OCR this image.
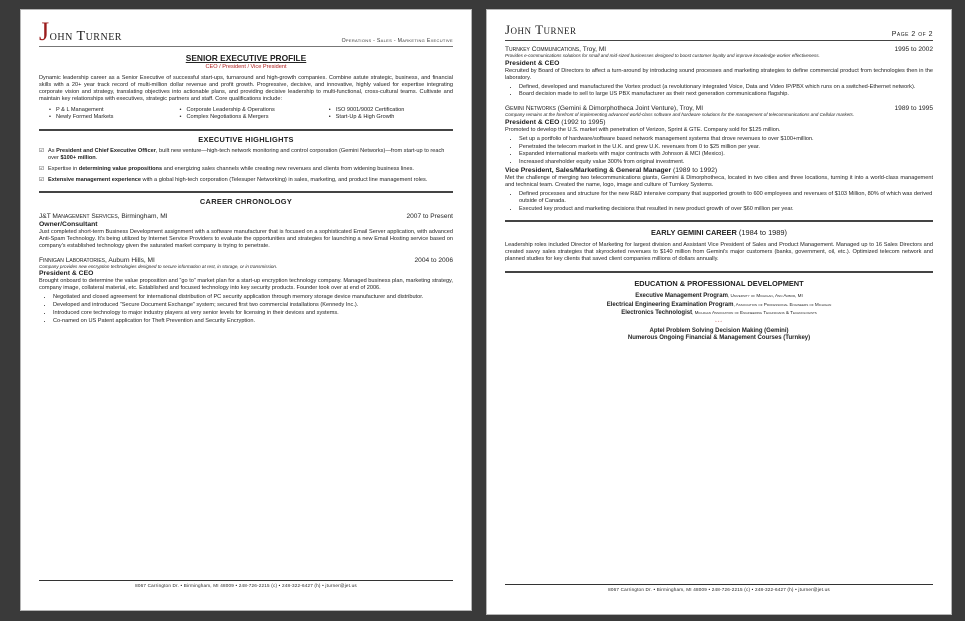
John Turner	Operations - Sales - Marketing Executive
SENIOR EXECUTIVE PROFILE
CEO / President / Vice President
Dynamic leadership career as a Senior Executive of successful start-ups, turnaround and high-growth companies. Combine astute strategic, business, and financial skills with a 20+ year track record of multi-million dollar revenue and profit growth. Progressive, decisive, and innovative, highly valued for expertise integrating corporate vision and strategy, translating objectives into actionable plans, and providing decisive leadership to multi-functional, cross-cultural teams. Cultivate and maintain key relationships with executives, strategic partners and staff. Core qualifications include:
• P & L Management	• Corporate Leadership & Operations	• ISO 9001/9002 Certification
• Newly Formed Markets	• Complex Negotiations & Mergers	• Start-Up & High Growth
EXECUTIVE HIGHLIGHTS
☑ As President and Chief Executive Officer, built new venture—high-tech network monitoring and control corporation (Gemini Networks)—from start-up to reach over $100+ million.
☑ Expertise in determining value propositions and energizing sales channels while creating new revenues and clients from widening business lines.
☑ Extensive management experience with a global high-tech corporation (Telesuper Networking) in sales, marketing, and product line management roles.
CAREER CHRONOLOGY
J&T Management Services, Birmingham, MI	2007 to Present
Owner/Consultant
Just completed short-term Business Development assignment with a software manufacturer that is focused on a sophisticated Email Server application, with advanced Anti-Spam Technology. It's being utilized by Internet Service Providers to evaluate the opportunities and strategies for launching a new Email Hosting service based on company's established technology given the saturated market company is trying to penetrate.
Finnigan Laboratories, Auburn Hills, MI	2004 to 2006
Company provides new encryption technologies designed to secure information at rest, in storage, or in transmission.
President & CEO
Brought onboard to determine the value proposition and “go to” market plan for a start-up encryption technology company. Managed business plan, marketing strategy, company image, collateral material, etc. Established and focused technology into key security products. Founder took over at end of 2006.
• Negotiated and closed agreement for international distribution of PC security application through memory storage device manufacturer and distributor.
• Developed and introduced “Secure Document Exchange” system; secured first two commercial installations (Kennedy Inc.).
• Introduced core technology to major industry players at very senior levels for licensing in their devices and systems.
• Co-named on US Patent application for Theft Prevention and Security Encryption.
8067 Carrington Dr. • Birmingham, MI 48009 • 248-726-2215 (c) • 248-322-6427 (h) • jturner@jet.us
John Turner	Page 2 of 2
Turnkey Communications, Troy, MI	1995 to 2002
Provides e-communications solutions for small and mid-sized businesses designed to boost customer loyalty and improve knowledge worker effectiveness.
President & CEO
Recruited by Board of Directors to affect a turn-around by introducing sound processes and marketing strategies to define commercial product from technologies then in the laboratory.
• Defined, developed and manufactured the Vortex product (a revolutionary integrated Voice, Data and Video IP/PBX which runs on a switched-Ethernet network).
• Board decision made to sell to large US PBX manufacturer as their next generation communications flagship.
Gemini Networks (Gemini & Dimorphotheca Joint Venture), Troy, MI	1989 to 1995
Company remains at the forefront of implementing advanced world-class software and hardware solutions for the management of telecommunications and Cellular markets.
President & CEO (1992 to 1995)
Promoted to develop the U.S. market with penetration of Verizon, Sprint & GTE. Company sold for $125 million.
• Set up a portfolio of hardware/software based network management systems that drove revenues to over $100+million.
• Penetrated the telecom market in the U.K. and grew U.K. revenues from 0 to $25 million per year.
• Expanded international markets with major contracts with Johnson & MCI (Mexico).
• Increased shareholder equity value 300% from original investment.
Vice President, Sales/Marketing & General Manager (1989 to 1992)
Met the challenge of merging two telecommunications giants, Gemini & Dimorphotheca, located in two cities and three locations, turning it into a world-class management and technical team. Created the name, logo, image and culture of Turnkey Systems.
• Defined processes and structure for the new R&D intensive company that supported growth to 600 employees and revenues of $103 Million, 80% of which was derived outside of Canada.
• Executed key product and marketing decisions that resulted in new product growth of over $60 million per year.
EARLY GEMINI CAREER (1984 to 1989)
Leadership roles included Director of Marketing for largest division and Assistant Vice President of Sales and Product Management. Managed up to 16 Sales Directors and created savvy sales strategies that skyrocketed revenues to $140 million from Gemini's major customers (banks, government, oil, etc.). Optimized telecom network and planned studies for key clients that saved client companies millions of dollars annually.
EDUCATION & PROFESSIONAL DEVELOPMENT
Executive Management Program, University of Michigan, Ann Arbor, MI
Electrical Engineering Examination Program, Association of Professional Engineers of Michigan
Electronics Technologist, Michigan Association of Engineering Technicians & Technologists
◦◦◦
Aptel Problem Solving Decision Making (Gemini)
Numerous Ongoing Financial & Management Courses (Turnkey)
8067 Carrington Dr. • Birmingham, MI 48009 • 248-726-2215 (c) • 248-322-6427 (h) • jturner@jet.us
